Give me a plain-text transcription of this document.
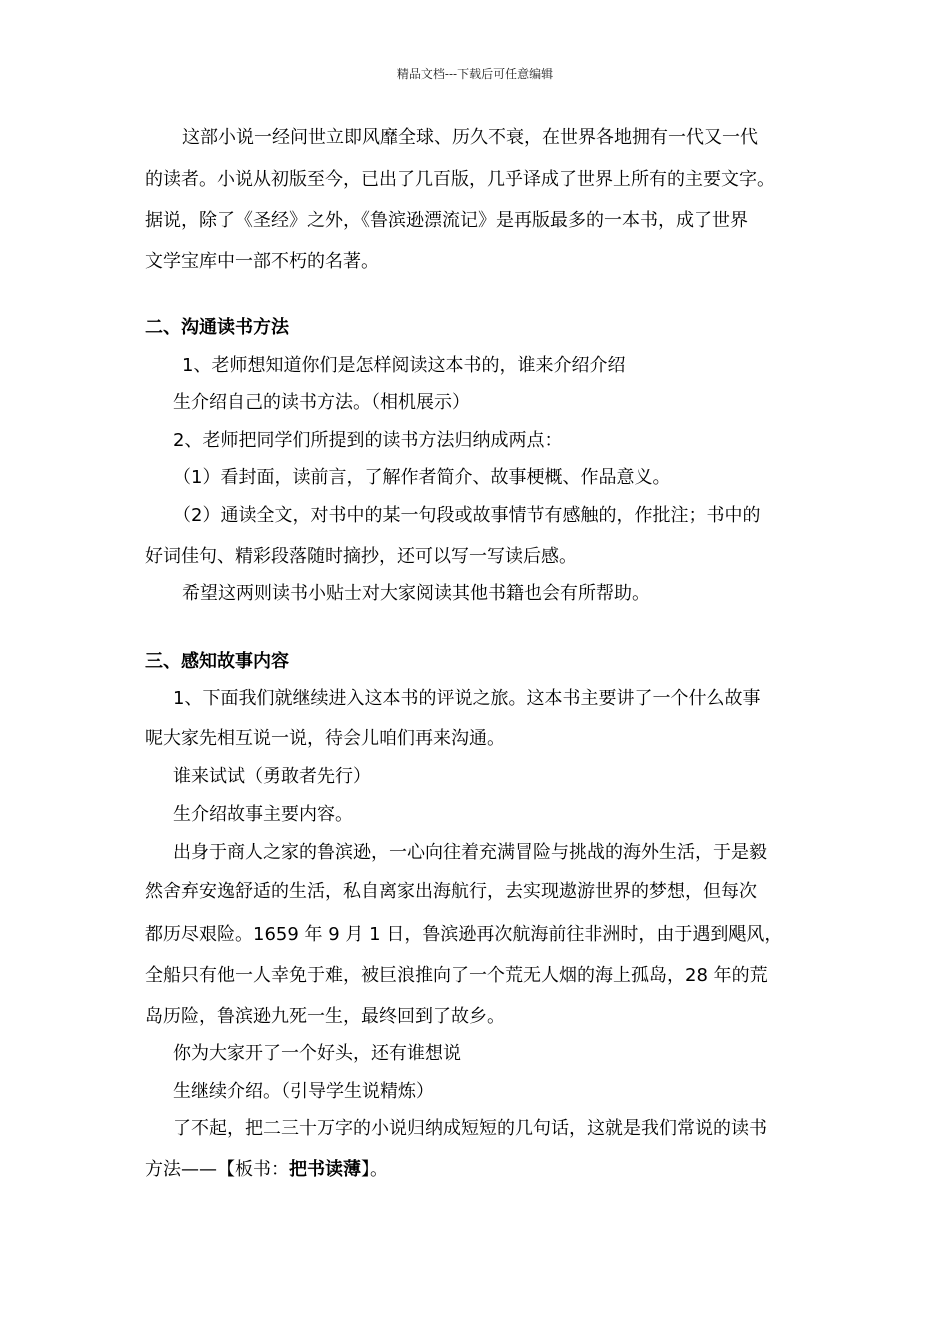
精品文档---下载后可任意编辑
这部小说一经问世立即风靡全球、历久不衰，在世界各地拥有一代又一代
的读者。小说从初版至今，已出了几百版，几乎译成了世界上所有的主要文字。
据说，除了《圣经》之外，《鲁滨逊漂流记》是再版最多的一本书，成了世界
文学宝库中一部不朽的名著。
二、沟通读书方法
1、老师想知道你们是怎样阅读这本书的，谁来介绍介绍
生介绍自己的读书方法。（相机展示）
2、老师把同学们所提到的读书方法归纳成两点：
（1）看封面，读前言，了解作者简介、故事梗概、作品意义。
（2）通读全文，对书中的某一句段或故事情节有感触的，作批注；书中的
好词佳句、精彩段落随时摘抄，还可以写一写读后感。
希望这两则读书小贴士对大家阅读其他书籍也会有所帮助。
三、感知故事内容
1、下面我们就继续进入这本书的评说之旅。这本书主要讲了一个什么故事
呢大家先相互说一说，待会儿咱们再来沟通。
谁来试试（勇敢者先行）
生介绍故事主要内容。
出身于商人之家的鲁滨逊，一心向往着充满冒险与挑战的海外生活，于是毅
然舍弃安逸舒适的生活，私自离家出海航行，去实现遨游世界的梦想，但每次
都历尽艰险。1659 年 9 月 1 日，鲁滨逊再次航海前往非洲时，由于遇到飓风，
全船只有他一人幸免于难，被巨浪推向了一个荒无人烟的海上孤岛，28 年的荒
岛历险，鲁滨逊九死一生，最终回到了故乡。
你为大家开了一个好头，还有谁想说
生继续介绍。（引导学生说精炼）
了不起，把二三十万字的小说归纳成短短的几句话，这就是我们常说的读书
方法——【板书：把书读薄】。
